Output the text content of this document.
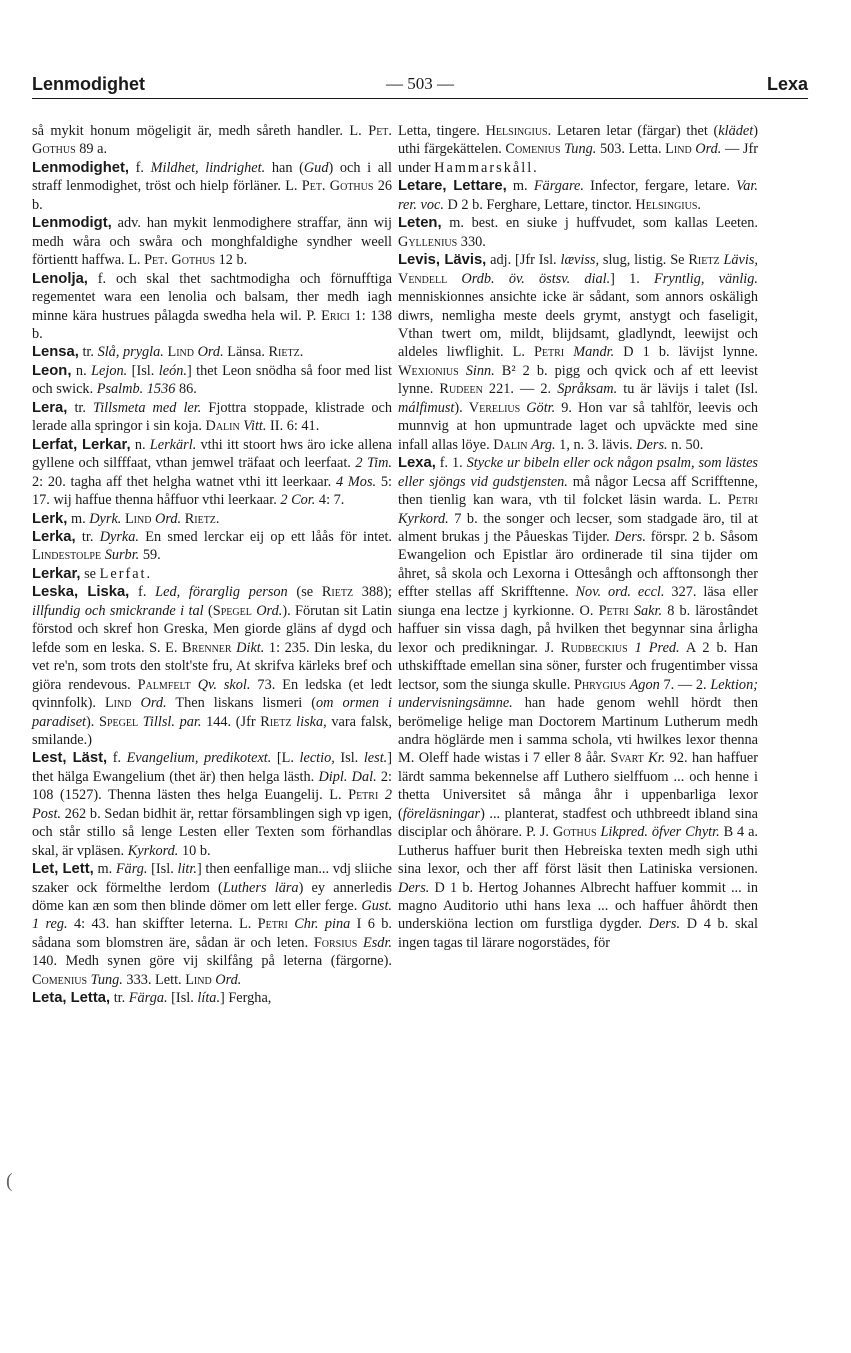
Lenmodighet	— 503 —	Lexa

så mykit honum mögeligit är, medh såreth handler. L. Pet. Gothus 89 a.

Lenmodighet, f. Mildhet, lindrighet. han (Gud) och i all straff lenmodighet, tröst och hielp förläner. L. Pet. Gothus 26 b.

Lenmodigt, adv. han mykit lenmodighere straffar, änn wij medh wåra och swåra och monghfaldighe syndher weell förtientt haffwa. L. Pet. Gothus 12 b.

Lenolja, f. och skal thet sachtmodigha och förnufftiga regementet wara een lenolia och balsam, ther medh iagh minne kära hustrues pålagda swedha hela wil. P. Erici 1: 138 b.

Lensa, tr. Slå, prygla. Lind Ord. Länsa. Rietz.

Leon, n. Lejon. [Isl. león.] thet Leon snödha så foor med list och swick. Psalmb. 1536 86.

Lera, tr. Tillsmeta med ler. Fjottra stoppade, klistrade och lerade alla springor i sin koja. Dalin Vitt. II. 6: 41.

Lerfat, Lerkar, n. Lerkärl. vthi itt stoort hws äro icke allena gyllene och silfffaat, vthan jemwel träfaat och leerfaat. 2 Tim. 2: 20. tagha aff thet helgha watnet vthi itt leerkaar. 4 Mos. 5: 17. wij haffue thenna håffuor vthi leerkaar. 2 Cor. 4: 7.

Lerk, m. Dyrk. Lind Ord. Rietz.

Lerka, tr. Dyrka. En smed lerckar eij op ett låås för intet. Lindestolpe Surbr. 59.

Lerkar, se Lerfat.

Leska, Liska, f. Led, förarglig person (se Rietz 388); illfundig och smickrande i tal (Spegel Ord.). Förutan sit Latin förstod och skref hon Greska, Men giorde gläns af dygd och lefde som en leska. S. E. Brenner Dikt. 1: 235. Din leska, du vet re'n, som trots den stolt'ste fru, At skrifva kärleks bref och giöra rendevous. Palmfelt Qv. skol. 73. En ledska (et ledt qvinnfolk). Lind Ord. Then liskans lismeri (om ormen i paradiset). Spegel Tillsl. par. 144. (Jfr Rietz liska, vara falsk, smilande.)

Lest, Läst, f. Evangelium, predikotext. [L. lectio, Isl. lest.] thet hälga Ewangelium (thet är) then helga lästh. Dipl. Dal. 2: 108 (1527). Thenna lästen thes helga Euangelij. L. Petri 2 Post. 262 b. Sedan bidhit är, rettar församblingen sigh vp igen, och står stillo så lenge Lesten eller Texten som förhandlas skal, är vpläsen. Kyrkord. 10 b.

Let, Lett, m. Färg. [Isl. litr.] then eenfallige man... vdj sliiche szaker ock förmelthe lerdom (Luthers lära) ey annerledis döme kan æn som then blinde dömer om lett eller ferge. Gust. 1 reg. 4: 43. han skiffter leterna. L. Petri Chr. pina I 6 b. sådana som blomstren äre, sådan är och leten. Forsius Esdr. 140. Medh synen göre vij skilfång på leterna (färgorne). Comenius Tung. 333. Lett. Lind Ord.

Leta, Letta, tr. Färga. [Isl. líta.] Fergha,

Letta, tingere. Helsingius. Letaren letar (färgar) thet (klädet) uthi färgekättelen. Comenius Tung. 503. Letta. Lind Ord. — Jfr under Hammarskåll.

Letare, Lettare, m. Färgare. Infector, fergare, letare. Var. rer. voc. D 2 b. Ferghare, Lettare, tinctor. Helsingius.

Leten, m. best. en siuke j huffvudet, som kallas Leeten. Gyllenius 330.

Levis, Lävis, adj. [Jfr Isl. læviss, slug, listig. Se Rietz Lävis, Vendell Ordb. öv. östsv. dial.] 1. Fryntlig, vänlig. menniskionnes ansichte icke är sådant, som annors oskäligh diwrs, nemligha meste deels grymt, anstygt och faseligit, Vthan twert om, mildt, blijdsamt, gladlyndt, leewijst och aldeles liwflighit. L. Petri Mandr. D 1 b. lävijst lynne. Wexionius Sinn. B² 2 b. pigg och qvick och af ett leevist lynne. Rudeen 221. — 2. Språksam. tu är lävijs i talet (Isl. málfimust). Verelius Götr. 9. Hon var så tahlför, leevis och munnvig at hon upmuntrade laget och upväckte med sine infall allas löye. Dalin Arg. 1, n. 3. lävis. Ders. n. 50.

Lexa, f. 1. Stycke ur bibeln eller ock någon psalm, som lästes eller sjöngs vid gudstjensten. må någor Lecsa aff Scrifftenne, then tienlig kan wara, vth til folcket läsin warda. L. Petri Kyrkord. 7 b. the songer och lecser, som stadgade äro, til at alment brukas j the Påueskas Tijder. Ders. förspr. 2 b. Såsom Ewangelion och Epistlar äro ordinerade til sina tijder om åhret, så skola och Lexorna i Ottesångh och afftonsongh ther effter stellas aff Skrifftenne. Nov. ord. eccl. 327. läsa eller siunga ena lectze j kyrkionne. O. Petri Sakr. 8 b. lärostândet haffuer sin vissa dagh, på hvilken thet begynnar sina årligha lexor och predikningar. J. Rudbeckius 1 Pred. A 2 b. Han uthskifftade emellan sina söner, furster och frugentimber vissa lectsor, som the siunga skulle. Phrygius Agon 7. — 2. Lektion; undervisningsämne. han hade genom wehll hördt then berömelige helige man Doctorem Martinum Lutherum medh andra höglärde men i samma schola, vti hwilkes lexor thenna M. Oleff hade wistas i 7 eller 8 åår. Svart Kr. 92. han haffuer lärdt samma bekennelse aff Luthero sielffuom ... och henne i thetta Universitet så många åhr i uppenbarliga lexor (föreläsningar) ... planterat, stadfest och uthbreedt ibland sina disciplar och åhörare. P. J. Gothus Likpred. öfver Chytr. B 4 a. Lutherus haffuer burit then Hebreiska texten medh sigh uthi sina lexor, och ther aff först läsit then Latiniska versionen. Ders. D 1 b. Hertog Johannes Albrecht haffuer kommit ... in magno Auditorio uthi hans lexa ... och haffuer åhördt then underskiöna lection om furstliga dygder. Ders. D 4 b. skal ingen tagas til lärare nogorstädes, för

(
